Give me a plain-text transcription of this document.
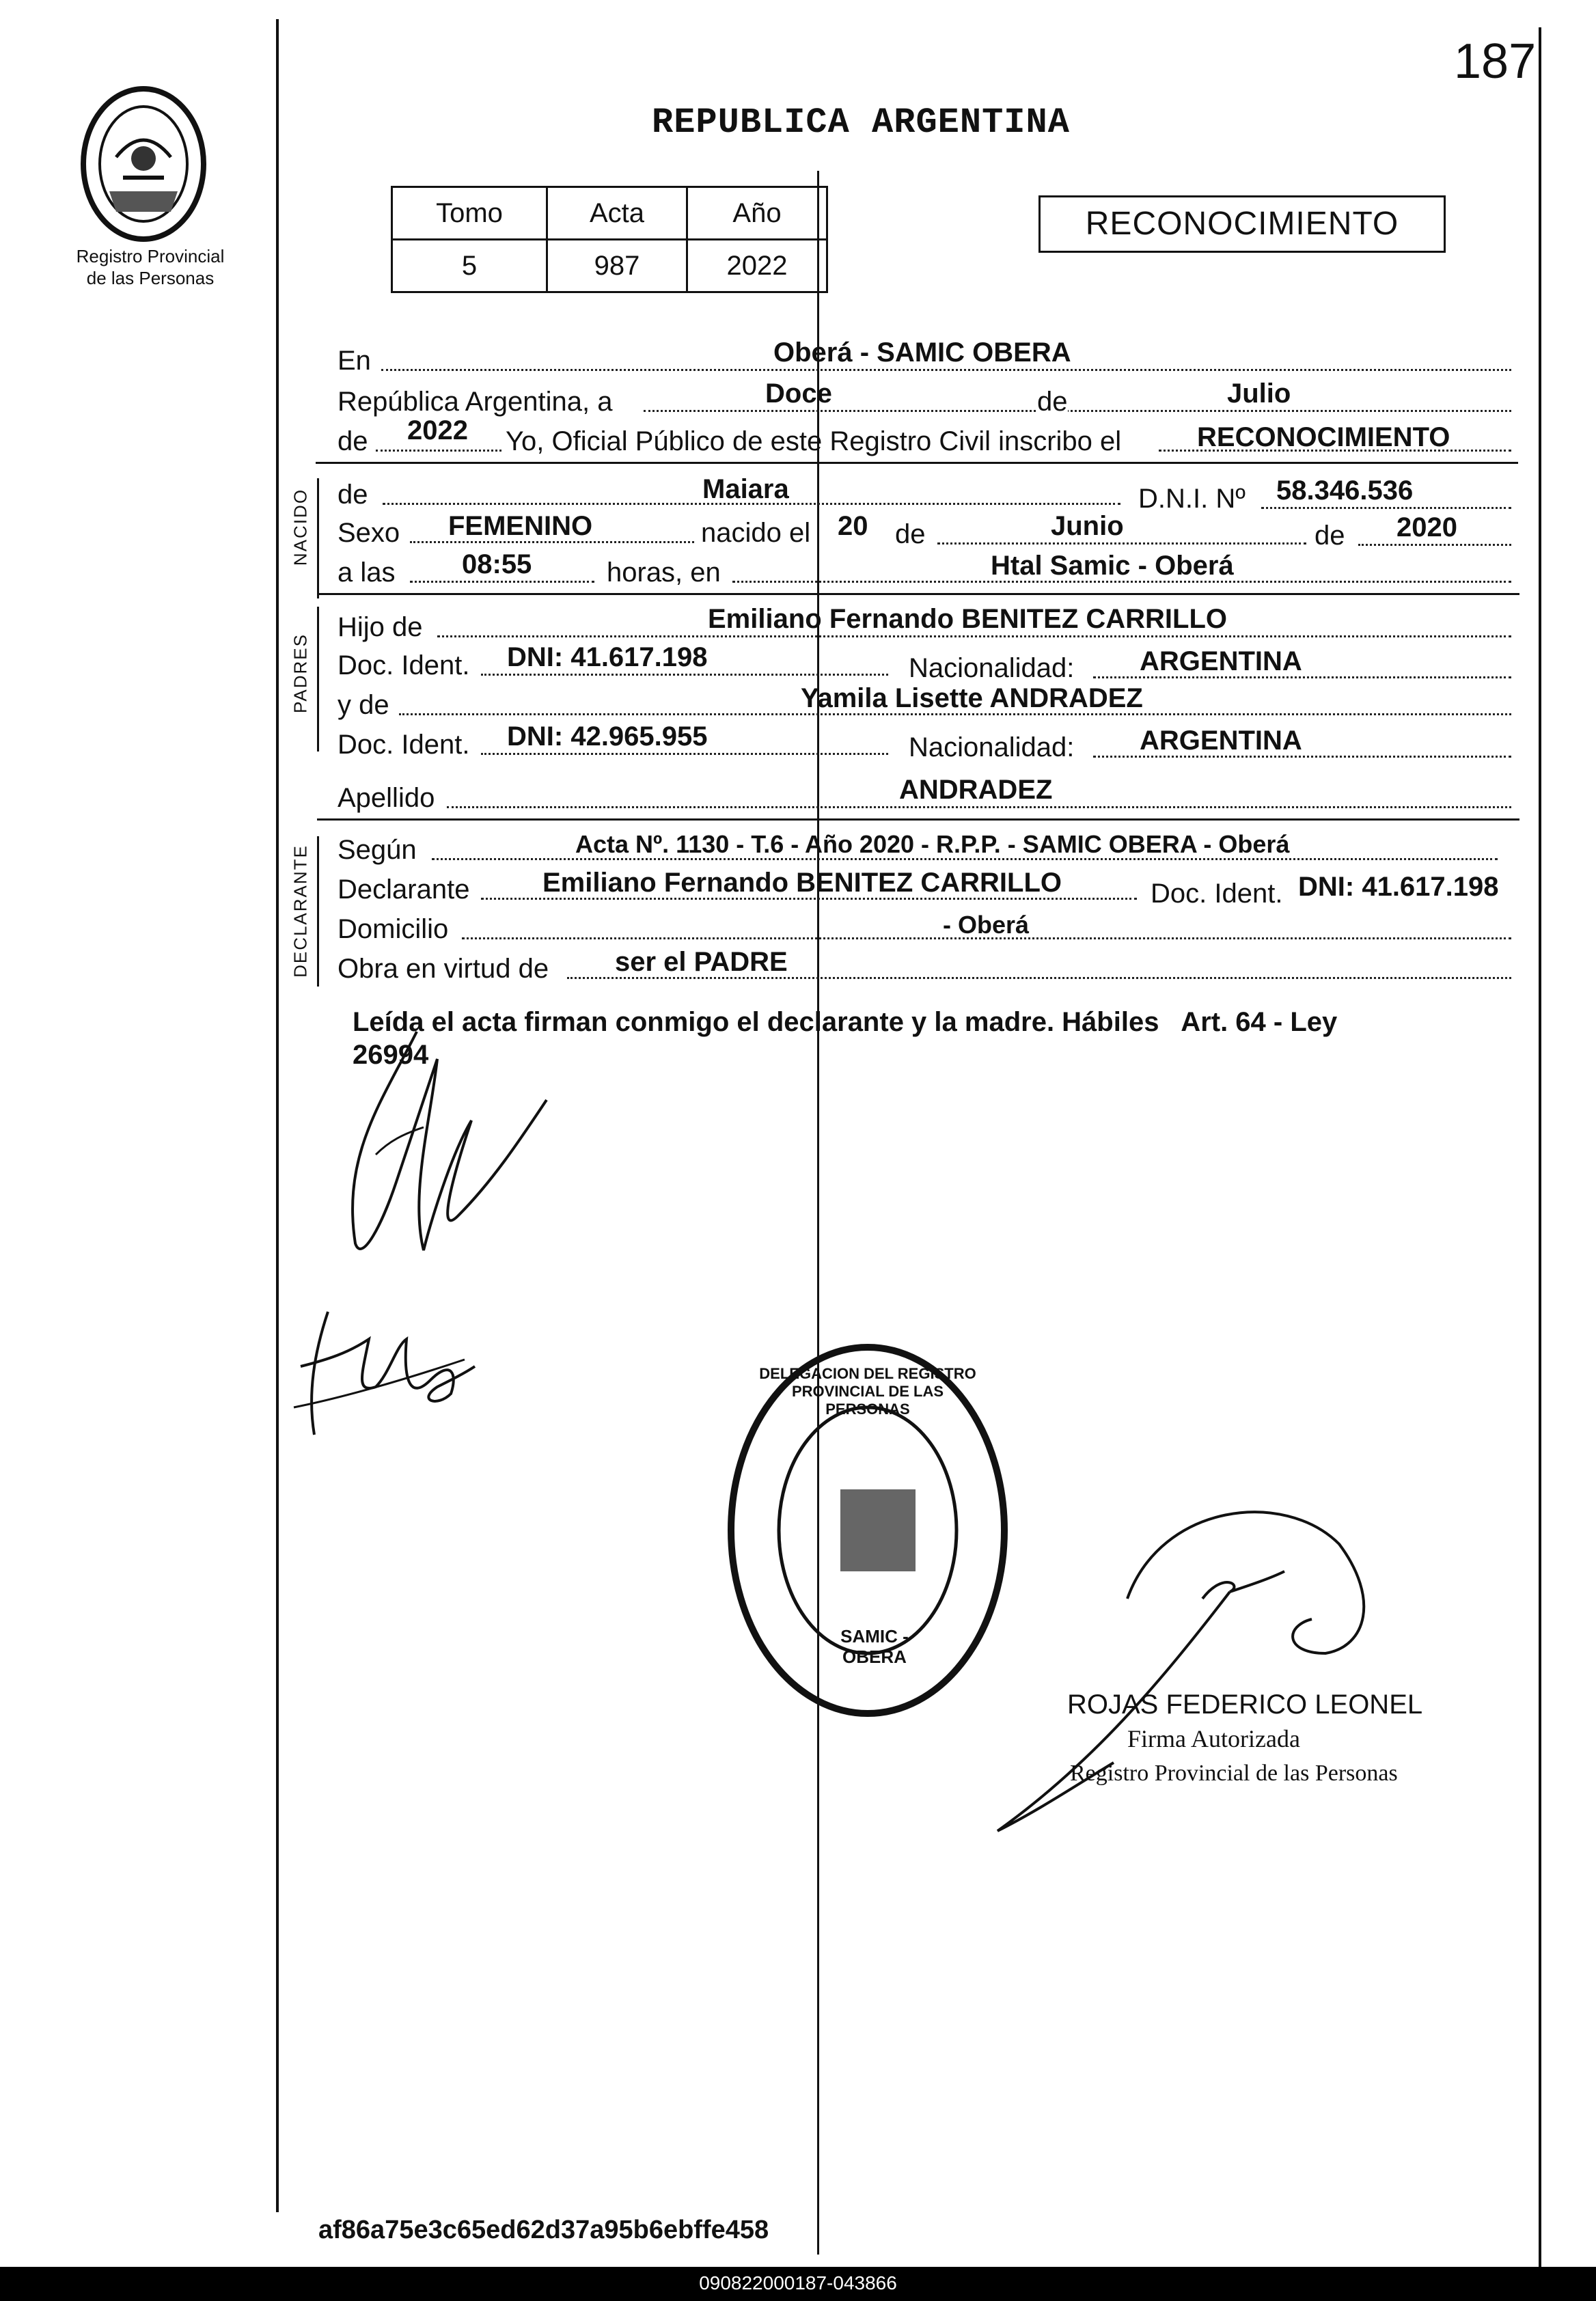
187
Registro Provincial
de las Personas
REPUBLICA ARGENTINA
Tomo	Acta	Año
5	987	2022
RECONOCIMIENTO
En	Oberá - SAMIC OBERA
República Argentina, a	Doce	de	Julio
de 2022 Yo, Oficial Público de este Registro Civil inscribo el	RECONOCIMIENTO
NACIDO de	Maiara	D.N.I. Nº 58.346.536
Sexo FEMENINO	nacido el 20 de	Junio	de 2020
a las 08:55	horas, en	Htal Samic - Oberá
PADRES
Hijo de	Emiliano Fernando BENITEZ CARRILLO
Doc. Ident. DNI: 41.617.198	Nacionalidad: ARGENTINA
y de	Yamila Lisette ANDRADEZ
Doc. Ident. DNI: 42.965.955	Nacionalidad: ARGENTINA
Apellido	ANDRADEZ
DECLARANTE Según	Acta Nº. 1130 - T.6 - Año 2020 - R.P.P. - SAMIC OBERA - Oberá
Declarante	Emiliano Fernando BENITEZ CARRILLO	Doc. Ident. DNI: 41.617.198
Domicilio	- Oberá
Obra en virtud de ser el PADRE
Leída el acta firman conmigo el declarante y la madre. Hábiles   Art. 64 - Ley
26994
DELEGACION DEL REGISTRO PROVINCIAL DE LAS PERSONAS
SAMIC - OBERA
ROJAS FEDERICO LEONEL
Firma Autorizada
Registro Provincial de las Personas
af86a75e3c65ed62d37a95b6ebffe458
090822000187-043866
